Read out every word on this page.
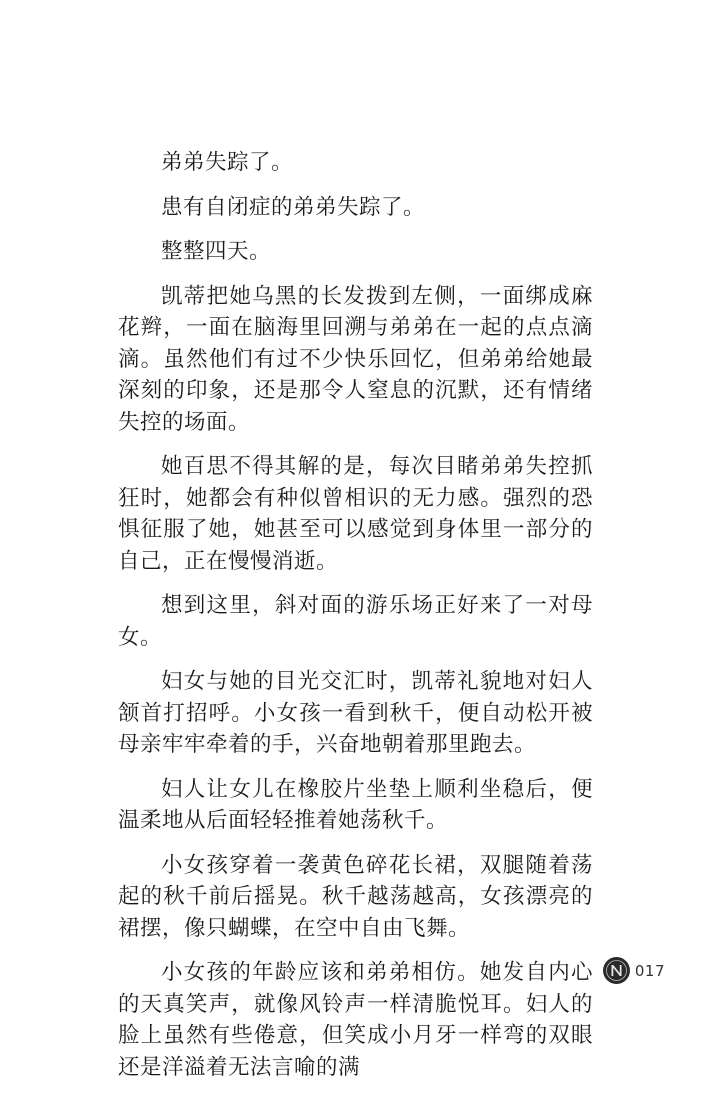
弟弟失踪了。

患有自闭症的弟弟失踪了。

整整四天。

凯蒂把她乌黑的长发拨到左侧，一面绑成麻花辫，一面在脑海里回溯与弟弟在一起的点点滴滴。虽然他们有过不少快乐回忆，但弟弟给她最深刻的印象，还是那令人窒息的沉默，还有情绪失控的场面。

她百思不得其解的是，每次目睹弟弟失控抓狂时，她都会有种似曾相识的无力感。强烈的恐惧征服了她，她甚至可以感觉到身体里一部分的自己，正在慢慢消逝。

想到这里，斜对面的游乐场正好来了一对母女。

妇女与她的目光交汇时，凯蒂礼貌地对妇人颔首打招呼。小女孩一看到秋千，便自动松开被母亲牢牢牵着的手，兴奋地朝着那里跑去。

妇人让女儿在橡胶片坐垫上顺利坐稳后，便温柔地从后面轻轻推着她荡秋千。

小女孩穿着一袭黄色碎花长裙，双腿随着荡起的秋千前后摇晃。秋千越荡越高，女孩漂亮的裙摆，像只蝴蝶，在空中自由飞舞。

小女孩的年龄应该和弟弟相仿。她发自内心的天真笑声，就像风铃声一样清脆悦耳。妇人的脸上虽然有些倦意，但笑成小月牙一样弯的双眼还是洋溢着无法言喻的满

017
